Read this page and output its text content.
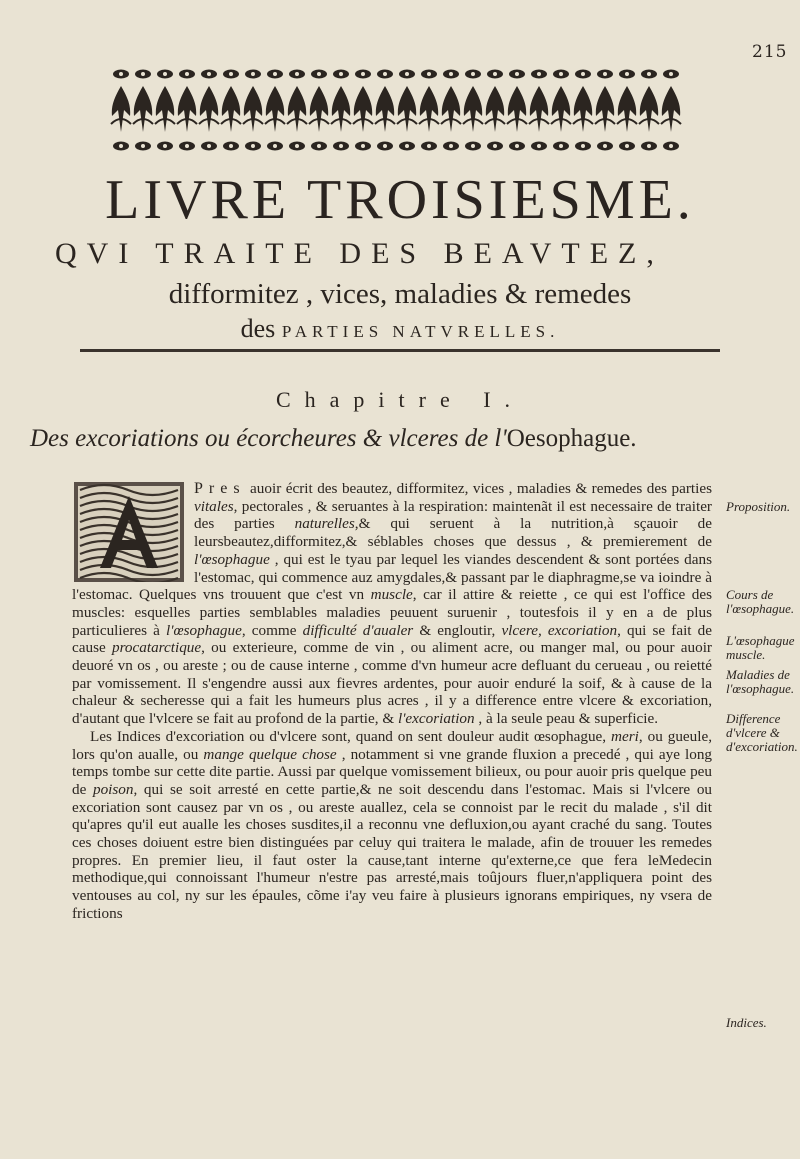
215
LIVRE TROISIESME.
QVI TRAITE DES BEAVTEZ,
difformitez , vices, maladies & remedes
des PARTIES NATVRELLES.
Chapitre I.
Des excoriations ou écorcheures & vlceres de l'Oesophague.

Pres auoir écrit des beautez, difformitez, vices , maladies & remedes des parties vitales, pectorales , & seruantes à la respiration: maintenãt il est necessaire de traiter des parties naturelles,& qui seruent à la nutrition,à sçauoir de leursbeautez,difformitez,& séblables choses que dessus , & premierement de l'œsophague , qui est le tyau par lequel les viandes descendent & sont portées dans l'estomac, qui commence auz amygdales,& passant par le diaphragme,se va ioindre à l'estomac. Quelques vns trouuent que c'est vn muscle, car il attire & reiette , ce qui est l'office des muscles: esquelles parties semblables maladies peuuent suruenir , toutesfois il y en a de plus particulieres à l'œsophague, comme difficulté d'aualer & engloutir, vlcere, excoriation, qui se fait de cause procatarctique, ou exterieure, comme de vin , ou aliment acre, ou manger mal, ou pour auoir deuoré vn os , ou areste ; ou de cause interne , comme d'vn humeur acre defluant du cerueau , ou reietté par vomissement. Il s'engendre aussi aux fievres ardentes, pour auoir enduré la soif, & à cause de la chaleur & secheresse qui a fait les humeurs plus acres , il y a difference entre vlcere & excoriation, d'autant que l'vlcere se fait au profond de la partie, & l'excoriation , à la seule peau & superficie.

Les Indices d'excoriation ou d'vlcere sont, quand on sent douleur audit œsophague, meri, ou gueule, lors qu'on aualle, ou mange quelque chose , notamment si vne grande fluxion a precedé , qui aye long temps tombe sur cette dite partie. Aussi par quelque vomissement bilieux, ou pour auoir pris quelque peu de poison, qui se soit arresté en cette partie,& ne soit descendu dans l'estomac. Mais si l'vlcere ou excoriation sont causez par vn os , ou areste auallez, cela se connoist par le recit du malade , s'il dit qu'apres qu'il eut aualle les choses susdites,il a reconnu vne defluxion,ou ayant craché du sang. Toutes ces choses doiuent estre bien distinguées par celuy qui traitera le malade, afin de trouuer les remedes propres. En premier lieu, il faut oster la cause,tant interne qu'externe,ce que fera leMedecin methodique,qui connoissant l'humeur n'estre pas arresté,mais toûjours fluer,n'appliquera point des ventouses au col, ny sur les épaules, cõme i'ay veu faire à plusieurs ignorans empiriques, ny vsera de frictions

Proposition.
Cours de l'œsophague.
L'œsophague muscle.
Maladies de l'œsophague.
Difference d'vlcere & d'excoriation.
Indices.
